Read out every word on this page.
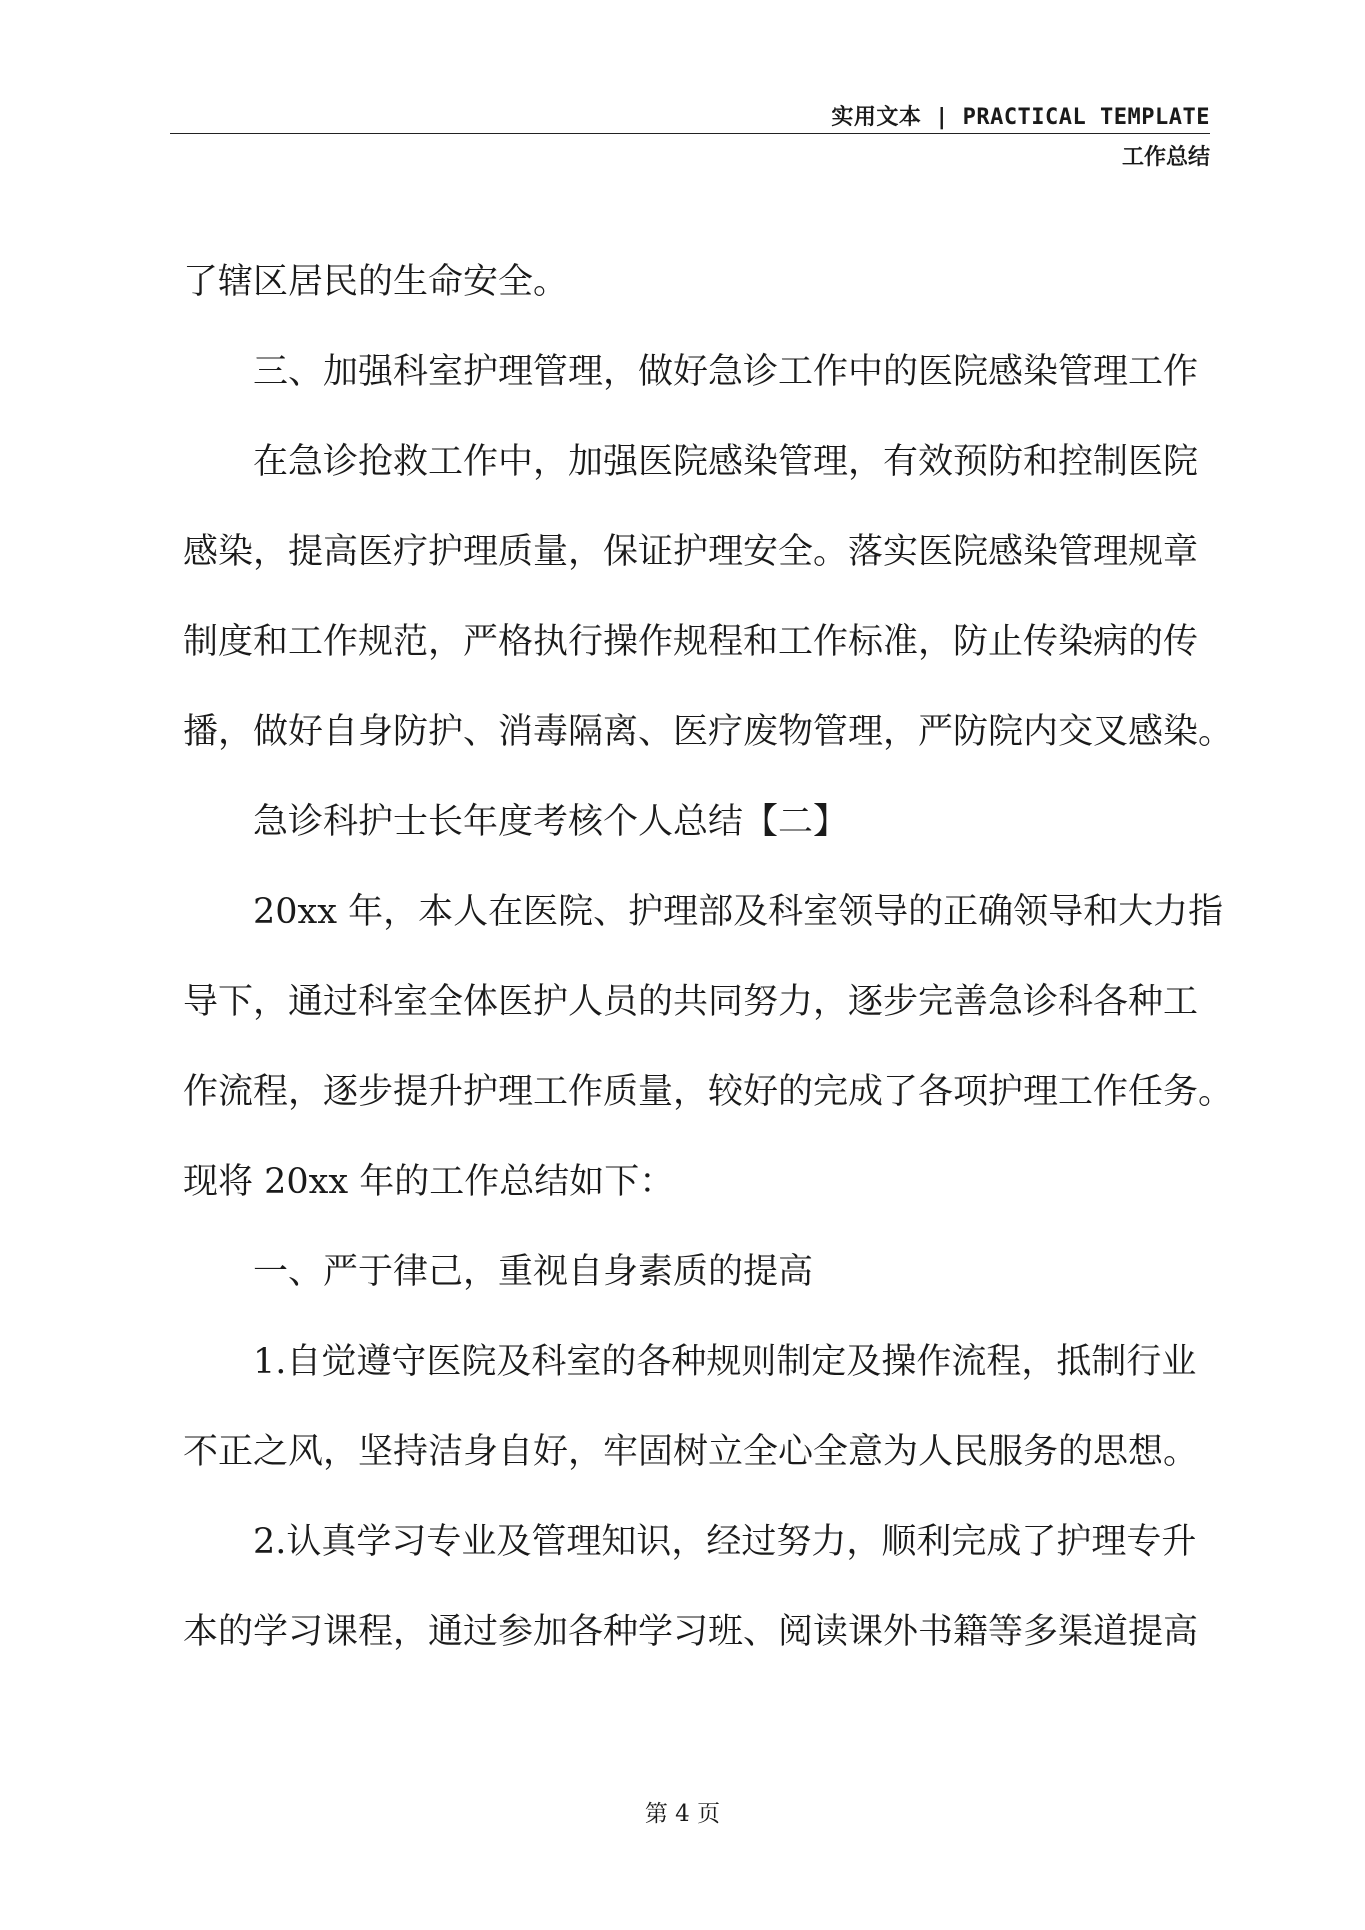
实用文本 | PRACTICAL TEMPLATE
工作总结
了辖区居民的生命安全。
三、加强科室护理管理，做好急诊工作中的医院感染管理工作
在急诊抢救工作中，加强医院感染管理，有效预防和控制医院
感染，提高医疗护理质量，保证护理安全。落实医院感染管理规章
制度和工作规范，严格执行操作规程和工作标准，防止传染病的传
播，做好自身防护、消毒隔离、医疗废物管理，严防院内交叉感染。
急诊科护士长年度考核个人总结【二】
20xx 年，本人在医院、护理部及科室领导的正确领导和大力指
导下，通过科室全体医护人员的共同努力，逐步完善急诊科各种工
作流程，逐步提升护理工作质量，较好的完成了各项护理工作任务。
现将 20xx 年的工作总结如下：
一、严于律己，重视自身素质的提高
1.自觉遵守医院及科室的各种规则制定及操作流程，抵制行业
不正之风，坚持洁身自好，牢固树立全心全意为人民服务的思想。
2.认真学习专业及管理知识，经过努力，顺利完成了护理专升
本的学习课程，通过参加各种学习班、阅读课外书籍等多渠道提高
第 4 页
